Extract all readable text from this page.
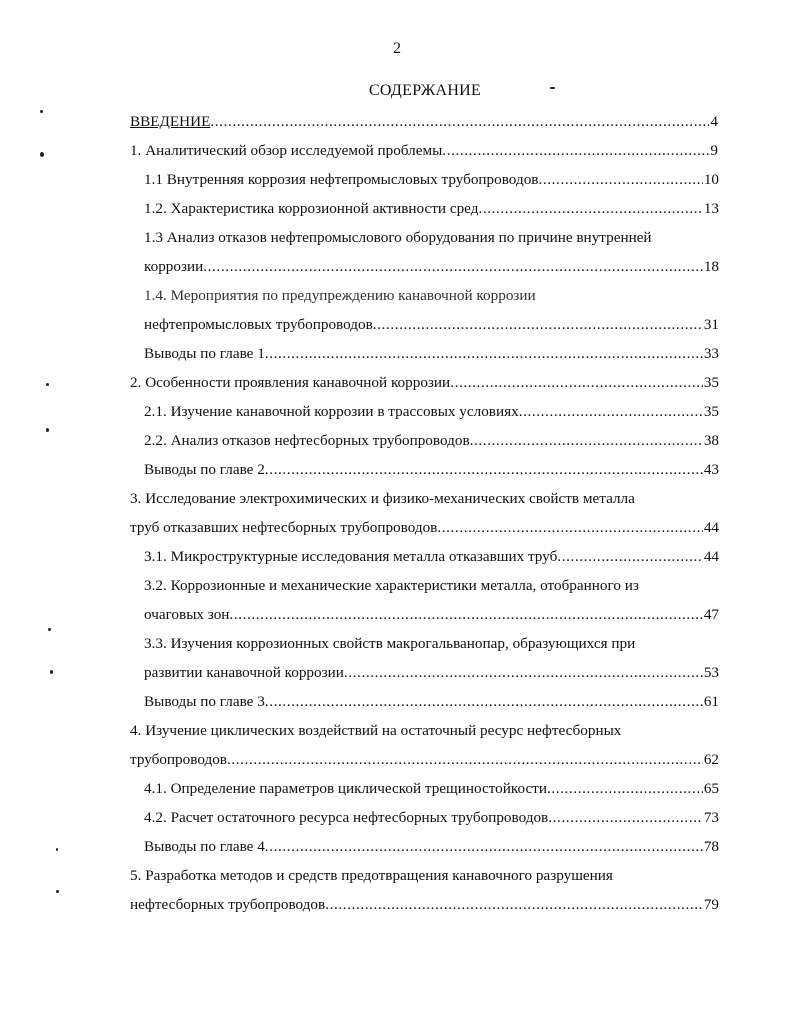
2
СОДЕРЖАНИЕ
ВВЕДЕНИЕ . . .	4
1. Аналитический обзор исследуемой проблемы . . .	9
1.1 Внутренняя коррозия нефтепромысловых трубопроводов . . .	10
1.2. Характеристика коррозионной активности сред . . .	13
1.3 Анализ отказов нефтепромыслового оборудования по причине внутренней
коррозии . . .	18
1.4. Мероприятия по предупреждению канавочной коррозии
нефтепромысловых трубопроводов . . .	31
Выводы по главе 1 . . .	33
2. Особенности проявления канавочной коррозии . . .	35
2.1. Изучение канавочной коррозии в трассовых условиях . . .	35
2.2. Анализ отказов нефтесборных трубопроводов . . .	38
Выводы по главе 2 . . .	43
3. Исследование электрохимических и физико-механических свойств металла
труб отказавших нефтесборных трубопроводов . . .	44
3.1. Микроструктурные исследования металла отказавших труб . . .	44
3.2. Коррозионные и механические характеристики металла, отобранного из
очаговых зон . . .	47
3.3. Изучения коррозионных свойств макрогальванопар, образующихся при
развитии канавочной коррозии . . .	53
Выводы по главе 3 . . .	61
4. Изучение циклических воздействий на остаточный ресурс нефтесборных
трубопроводов . . .	62
4.1. Определение параметров циклической трещиностойкости . . .	65
4.2. Расчет остаточного ресурса нефтесборных трубопроводов . . .	73
Выводы по главе 4 . . .	78
5. Разработка методов и средств предотвращения канавочного разрушения
нефтесборных трубопроводов . . .	79
